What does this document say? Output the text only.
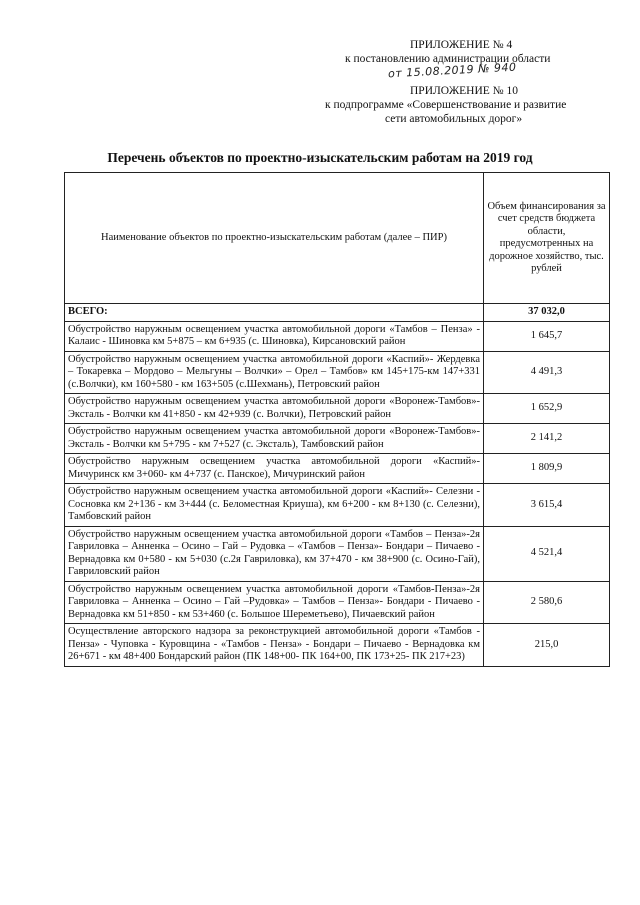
ПРИЛОЖЕНИЕ № 4
к постановлению администрации области
от 15.08.2019 № 940
ПРИЛОЖЕНИЕ № 10
к подпрограмме «Совершенствование и развитие
сети автомобильных дорог»
Перечень объектов по проектно-изыскательским работам на 2019 год
Наименование объектов по проектно-изыскательским работам (далее – ПИР)	Объем финансирования за счет средств бюджета области, предусмотренных на дорожное хозяйство, тыс. рублей
ВСЕГО:	37 032,0
Обустройство наружным освещением участка автомобильной дороги «Тамбов – Пенза» - Калаис - Шиновка км 5+875 – км 6+935 (с. Шиновка), Кирсановский район	1 645,7
Обустройство наружным освещением участка автомобильной дороги «Каспий»- Жердевка – Токаревка – Мордово – Мельгуны – Волчки» – Орел – Тамбов» км 145+175-км 147+331 (с.Волчки), км 160+580 - км 163+505 (с.Шехмань), Петровский район	4 491,3
Обустройство наружным освещением участка автомобильной дороги «Воронеж-Тамбов»- Эксталь - Волчки км 41+850 - км 42+939 (с. Волчки), Петровский район	1 652,9
Обустройство наружным освещением участка автомобильной дороги «Воронеж-Тамбов»- Эксталь - Волчки км 5+795 - км 7+527 (с. Эксталь), Тамбовский район	2 141,2
Обустройство наружным освещением участка автомобильной дороги «Каспий»-Мичуринск км 3+060- км 4+737 (с. Панское), Мичуринский район	1 809,9
Обустройство наружным освещением участка автомобильной дороги «Каспий»- Селезни - Сосновка км 2+136 - км 3+444 (с. Беломестная Криуша), км 6+200 - км 8+130 (с. Селезни), Тамбовский район	3 615,4
Обустройство наружным освещением участка автомобильной дороги «Тамбов – Пенза»-2я Гавриловка – Анненка – Осино – Гай – Рудовка – «Тамбов – Пенза»- Бондари – Пичаево - Вернадовка км 0+580 - км 5+030 (с.2я Гавриловка), км 37+470 - км 38+900 (с. Осино-Гай), Гавриловский район	4 521,4
Обустройство наружным освещением участка автомобильной дороги «Тамбов-Пенза»-2я Гавриловка – Анненка – Осино – Гай –Рудовка» – Тамбов – Пенза»- Бондари - Пичаево - Вернадовка км 51+850 - км 53+460 (с. Большое Шереметьево), Пичаевский район	2 580,6
Осуществление авторского надзора за реконструкцией автомобильной дороги «Тамбов - Пенза» - Чуповка - Куровщина - «Тамбов - Пенза» - Бондари – Пичаево - Вернадовка км 26+671 - км 48+400 Бондарский район (ПК 148+00- ПК 164+00, ПК 173+25- ПК 217+23)	215,0
